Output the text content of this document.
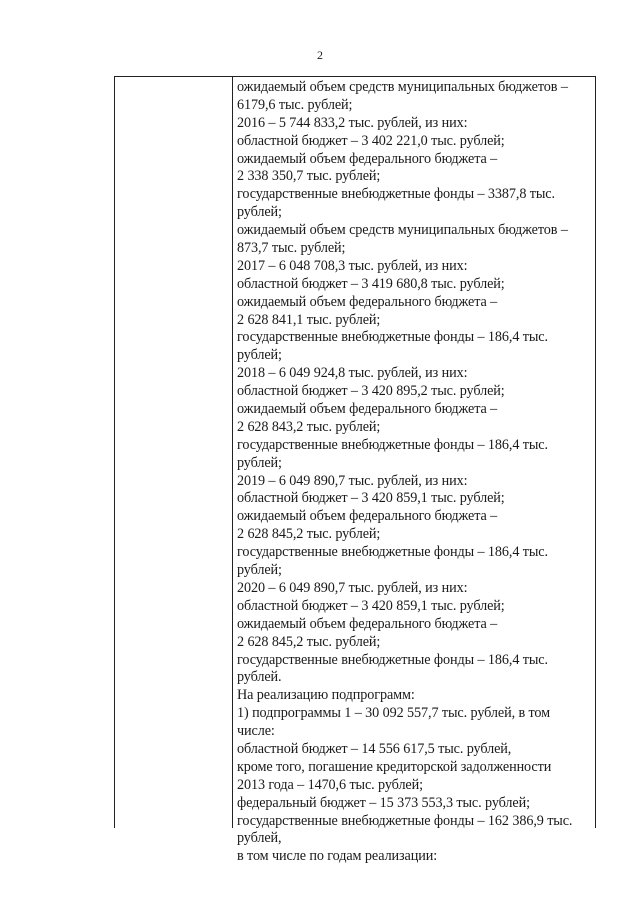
2
ожидаемый объем средств муниципальных бюджетов –
6179,6 тыс. рублей;
2016 – 5 744 833,2 тыс. рублей, из них:
областной бюджет – 3 402 221,0 тыс. рублей;
ожидаемый объем федерального бюджета –
2 338 350,7 тыс. рублей;
государственные внебюджетные фонды – 3387,8 тыс.
рублей;
ожидаемый объем средств муниципальных бюджетов –
873,7 тыс. рублей;
2017 – 6 048 708,3 тыс. рублей, из них:
областной бюджет – 3 419 680,8 тыс. рублей;
ожидаемый объем федерального бюджета –
2 628 841,1 тыс. рублей;
государственные внебюджетные фонды – 186,4 тыс.
рублей;
2018 – 6 049 924,8 тыс. рублей, из них:
областной бюджет – 3 420 895,2 тыс. рублей;
ожидаемый объем федерального бюджета –
2 628 843,2 тыс. рублей;
государственные внебюджетные фонды – 186,4 тыс.
рублей;
2019 – 6 049 890,7 тыс. рублей, из них:
областной бюджет – 3 420 859,1 тыс. рублей;
ожидаемый объем федерального бюджета –
2 628 845,2 тыс. рублей;
государственные внебюджетные фонды – 186,4 тыс.
рублей;
2020 – 6 049 890,7 тыс. рублей, из них:
областной бюджет – 3 420 859,1 тыс. рублей;
ожидаемый объем федерального бюджета –
2 628 845,2 тыс. рублей;
государственные внебюджетные фонды – 186,4 тыс.
рублей.
На реализацию подпрограмм:
1) подпрограммы 1 – 30 092 557,7 тыс. рублей, в том
числе:
областной бюджет – 14 556 617,5 тыс. рублей,
кроме того, погашение кредиторской задолженности
2013 года – 1470,6 тыс. рублей;
федеральный бюджет – 15 373 553,3 тыс. рублей;
государственные внебюджетные фонды – 162 386,9 тыс.
рублей,
в том числе по годам реализации:
